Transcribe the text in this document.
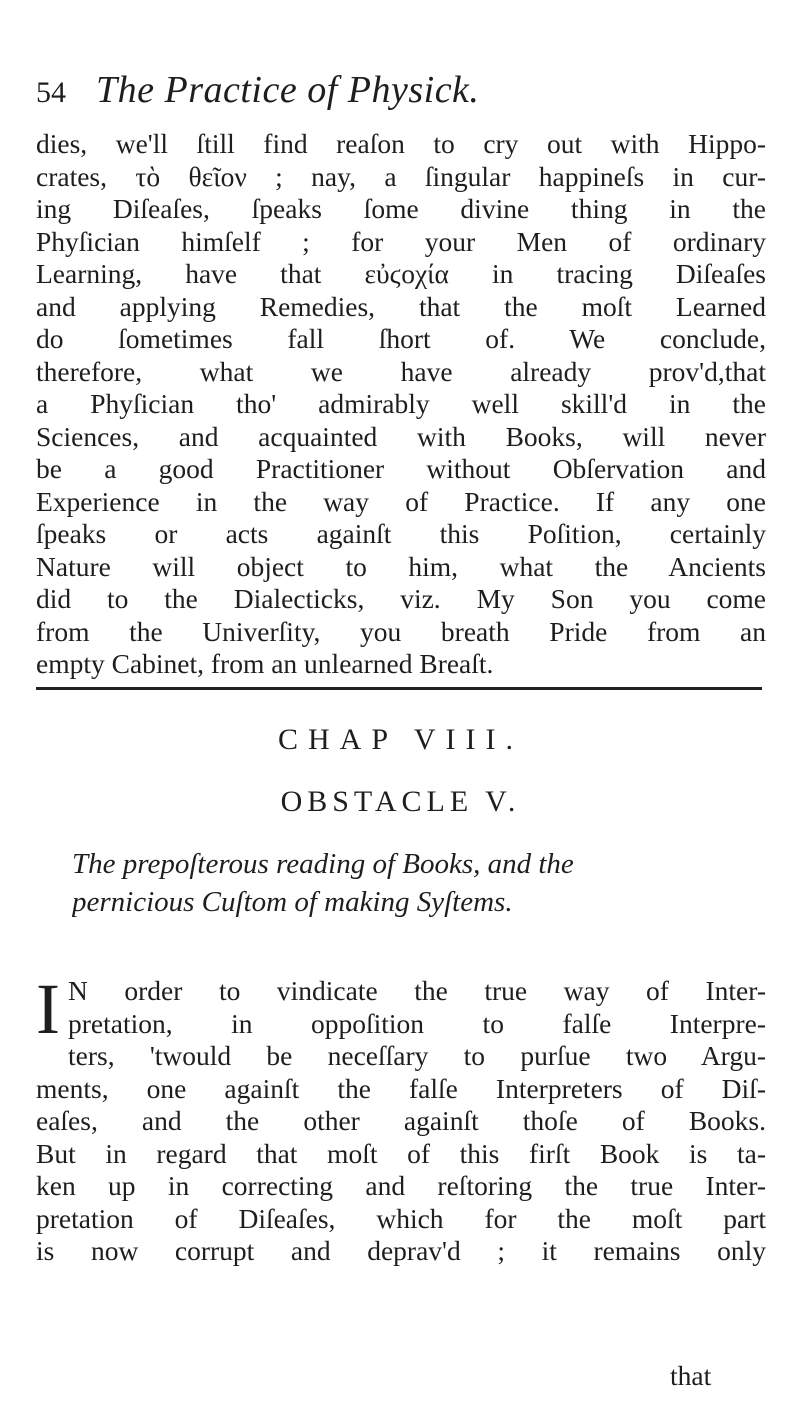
54 The Practice of Physick.
dies, we'll ſtill find reaſon to cry out with Hippo-
crates, τὸ θεῖον ; nay, a ſingular happineſs in cur-
ing Diſeaſes, ſpeaks ſome divine thing in the
Phyſician himſelf ; for your Men of ordinary
Learning, have that εὐϛοχία in tracing Diſeaſes
and applying Remedies, that the moſt Learned
do ſometimes fall ſhort of. We conclude,
therefore, what we have already prov'd,that
a Phyſician tho' admirably well skill'd in the
Sciences, and acquainted with Books, will never
be a good Practitioner without Obſervation and
Experience in the way of Practice. If any one
ſpeaks or acts againſt this Poſition, certainly
Nature will object to him, what the Ancients
did to the Dialecticks, viz. My Son you come
from the Univerſity, you breath Pride from an
empty Cabinet, from an unlearned Breaſt.
CHAP VIII.
OBSTACLE V.
The prepoſterous reading of Books, and the
pernicious Cuſtom of making Syſtems.
I N order to vindicate the true way of Inter-
pretation, in oppoſition to falſe Interpre-
ters, 'twould be neceſſary to purſue two Argu-
ments, one againſt the falſe Interpreters of Diſ-
eaſes, and the other againſt thoſe of Books.
But in regard that moſt of this firſt Book is ta-
ken up in correcting and reſtoring the true Inter-
pretation of Diſeaſes, which for the moſt part
is now corrupt and deprav'd ; it remains only
that
